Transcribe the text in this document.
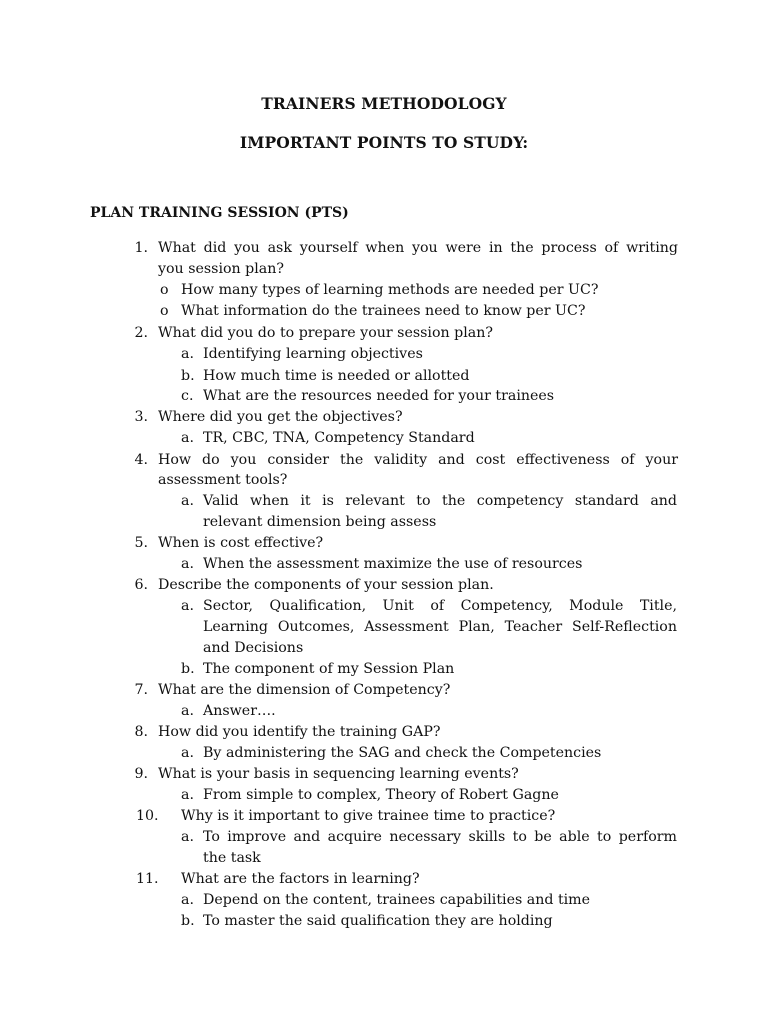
TRAINERS METHODOLOGY
IMPORTANT POINTS TO STUDY:
PLAN TRAINING SESSION (PTS)
1. What did you ask yourself when you were in the process of writing
you session plan?
o How many types of learning methods are needed per UC?
o What information do the trainees need to know per UC?
2. What did you do to prepare your session plan?
a. Identifying learning objectives
b. How much time is needed or allotted
c. What are the resources needed for your trainees
3. Where did you get the objectives?
a. TR, CBC, TNA, Competency Standard
4. How do you consider the validity and cost effectiveness of your
assessment tools?
a. Valid when it is relevant to the competency standard and
relevant dimension being assess
5. When is cost effective?
a. When the assessment maximize the use of resources
6. Describe the components of your session plan.
a. Sector, Qualification, Unit of Competency, Module Title,
Learning Outcomes, Assessment Plan, Teacher Self-Reflection
and Decisions
b. The component of my Session Plan
7. What are the dimension of Competency?
a. Answer….
8. How did you identify the training GAP?
a. By administering the SAG and check the Competencies
9. What is your basis in sequencing learning events?
a. From simple to complex, Theory of Robert Gagne
10. Why is it important to give trainee time to practice?
a. To improve and acquire necessary skills to be able to perform
the task
11. What are the factors in learning?
a. Depend on the content, trainees capabilities and time
b. To master the said qualification they are holding
